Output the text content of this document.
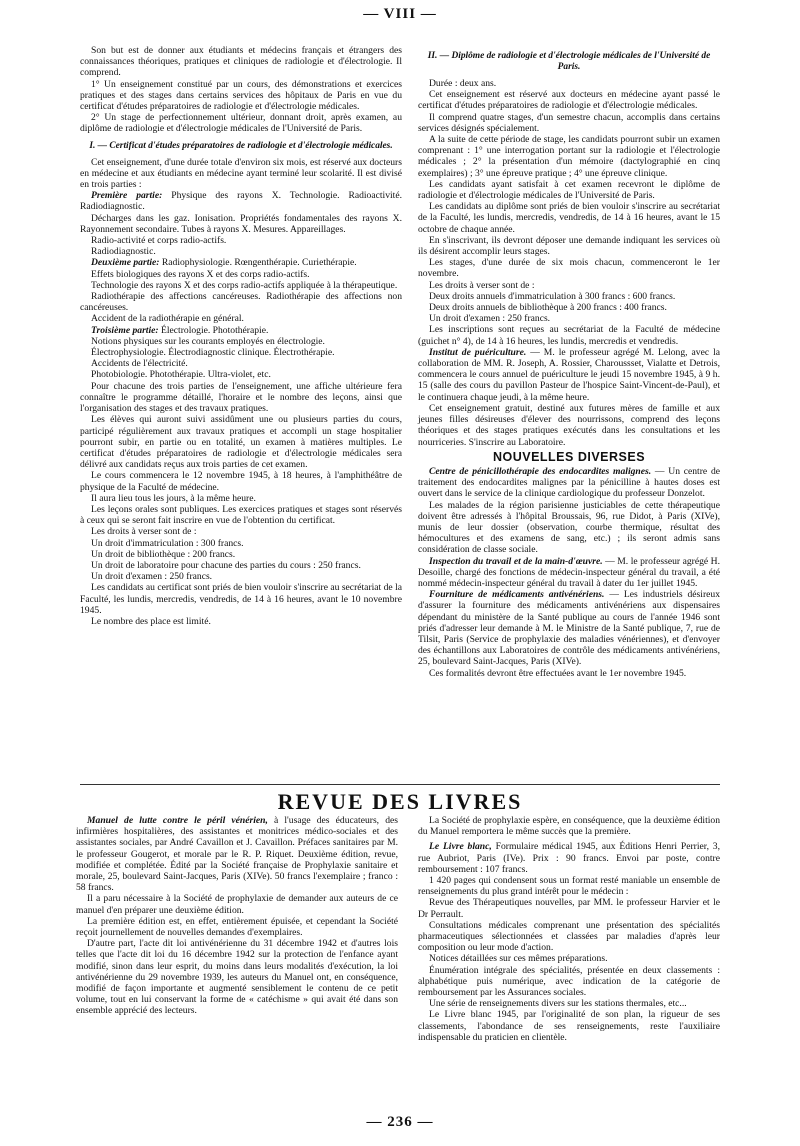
— VIII —

Son but est de donner aux étudiants et médecins français et étrangers des connaissances théoriques, pratiques et cliniques de radiologie et d'électrologie. Il comprend.

1° Un enseignement constitué par un cours, des démonstrations et exercices pratiques et des stages dans certains services des hôpitaux de Paris en vue du certificat d'études préparatoires de radiologie et d'électrologie médicales.

2° Un stage de perfectionnement ultérieur, donnant droit, après examen, au diplôme de radiologie et d'électrologie médicales de l'Université de Paris.

I. — Certificat d'études préparatoires de radiologie et d'électrologie médicales.

Cet enseignement, d'une durée totale d'environ six mois, est réservé aux docteurs en médecine et aux étudiants en médecine ayant terminé leur scolarité. Il est divisé en trois parties :

Première partie: Physique des rayons X. Technologie. Radioactivité. Radiodiagnostic.

Décharges dans les gaz. Ionisation. Propriétés fondamentales des rayons X. Rayonnement secondaire. Tubes à rayons X. Mesures. Appareillages.

Radio-activité et corps radio-actifs.

Radiodiagnostic.

Deuxième partie: Radiophysiologie. Rœngenthérapie. Curiethérapie.

Effets biologiques des rayons X et des corps radio-actifs.

Technologie des rayons X et des corps radio-actifs appliquée à la thérapeutique.

Radiothérapie des affections cancéreuses. Radiothérapie des affections non cancéreuses.

Accident de la radiothérapie en général.

Troisième partie: Électrologie. Photothérapie.

Notions physiques sur les courants employés en électrologie.

Électrophysiologie. Électrodiagnostic clinique. Électrothérapie.

Accidents de l'électricité.

Photobiologie. Photothérapie. Ultra-violet, etc.

Pour chacune des trois parties de l'enseignement, une affiche ultérieure fera connaître le programme détaillé, l'horaire et le nombre des leçons, ainsi que l'organisation des stages et des travaux pratiques.

Les élèves qui auront suivi assidûment une ou plusieurs parties du cours, participé régulièrement aux travaux pratiques et accompli un stage hospitalier pourront subir, en partie ou en totalité, un examen à matières multiples. Le certificat d'études préparatoires de radiologie et d'électrologie médicales sera délivré aux candidats reçus aux trois parties de cet examen.

Le cours commencera le 12 novembre 1945, à 18 heures, à l'amphithéâtre de physique de la Faculté de médecine.

Il aura lieu tous les jours, à la même heure.

Les leçons orales sont publiques. Les exercices pratiques et stages sont réservés à ceux qui se seront fait inscrire en vue de l'obtention du certificat.

Les droits à verser sont de :

Un droit d'immatriculation : 300 francs.

Un droit de bibliothèque : 200 francs.

Un droit de laboratoire pour chacune des parties du cours : 250 francs.

Un droit d'examen : 250 francs.

Les candidats au certificat sont priés de bien vouloir s'inscrire au secrétariat de la Faculté, les lundis, mercredis, vendredis, de 14 à 16 heures, avant le 10 novembre 1945.

Le nombre des place est limité.

II. — Diplôme de radiologie et d'électrologie médicales de l'Université de Paris.

Durée : deux ans.

Cet enseignement est réservé aux docteurs en médecine ayant passé le certificat d'études préparatoires de radiologie et d'électrologie médicales.

Il comprend quatre stages, d'un semestre chacun, accomplis dans certains services désignés spécialement.

A la suite de cette période de stage, les candidats pourront subir un examen comprenant : 1° une interrogation portant sur la radiologie et l'électrologie médicales ; 2° la présentation d'un mémoire (dactylographié en cinq exemplaires) ; 3° une épreuve pratique ; 4° une épreuve clinique.

Les candidats ayant satisfait à cet examen recevront le diplôme de radiologie et d'électrologie médicales de l'Université de Paris.

Les candidats au diplôme sont priés de bien vouloir s'inscrire au secrétariat de la Faculté, les lundis, mercredis, vendredis, de 14 à 16 heures, avant le 15 octobre de chaque année.

En s'inscrivant, ils devront déposer une demande indiquant les services où ils désirent accomplir leurs stages.

Les stages, d'une durée de six mois chacun, commenceront le 1er novembre.

Les droits à verser sont de :

Deux droits annuels d'immatriculation à 300 francs : 600 francs.

Deux droits annuels de bibliothèque à 200 francs : 400 francs.

Un droit d'examen : 250 francs.

Les inscriptions sont reçues au secrétariat de la Faculté de médecine (guichet n° 4), de 14 à 16 heures, les lundis, mercredis et vendredis.

Institut de puériculture. — M. le professeur agrégé M. Lelong, avec la collaboration de MM. R. Joseph, A. Rossier, Charoussset, Vialatte et Detrois, commencera le cours annuel de puériculture le jeudi 15 novembre 1945, à 9 h. 15 (salle des cours du pavillon Pasteur de l'hospice Saint-Vincent-de-Paul), et le continuera chaque jeudi, à la même heure.

Cet enseignement gratuit, destiné aux futures mères de famille et aux jeunes filles désireuses d'élever des nourrissons, comprend des leçons théoriques et des stages pratiques exécutés dans les consultations et les nourriceries. S'inscrire au Laboratoire.

NOUVELLES DIVERSES

Centre de pénicillothérapie des endocardites malignes. — Un centre de traitement des endocardites malignes par la pénicilline à hautes doses est ouvert dans le service de la clinique cardiologique du professeur Donzelot.

Les malades de la région parisienne justiciables de cette thérapeutique doivent être adressés à l'hôpital Broussais, 96, rue Didot, à Paris (XIVe), munis de leur dossier (observation, courbe thermique, résultat des hémocultures et des examens de sang, etc.) ; ils seront admis sans considération de classe sociale.

Inspection du travail et de la main-d'œuvre. — M. le professeur agrégé H. Desoille, chargé des fonctions de médecin-inspecteur général du travail, a été nommé médecin-inspecteur général du travail à dater du 1er juillet 1945.

Fourniture de médicaments antivénériens. — Les industriels désireux d'assurer la fourniture des médicaments antivénériens aux dispensaires dépendant du ministère de la Santé publique au cours de l'année 1946 sont priés d'adresser leur demande à M. le Ministre de la Santé publique, 7, rue de Tilsit, Paris (Service de prophylaxie des maladies vénériennes), et d'envoyer des échantillons aux Laboratoires de contrôle des médicaments antivénériens, 25, boulevard Saint-Jacques, Paris (XIVe).

Ces formalités devront être effectuées avant le 1er novembre 1945.

REVUE DES LIVRES

Manuel de lutte contre le péril vénérien, à l'usage des éducateurs, des infirmières hospitalières, des assistantes et monitrices médico-sociales et des assistantes sociales, par André Cavaillon et J. Cavaillon. Préfaces sanitaires par M. le professeur Gougerot, et morale par le R. P. Riquet. Deuxième édition, revue, modifiée et complétée. Édité par la Société française de Prophylaxie sanitaire et morale, 25, boulevard Saint-Jacques, Paris (XIVe). 50 francs l'exemplaire ; franco : 58 francs.

Il a paru nécessaire à la Société de prophylaxie de demander aux auteurs de ce manuel d'en préparer une deuxième édition.

La première édition est, en effet, entièrement épuisée, et cependant la Société reçoit journellement de nouvelles demandes d'exemplaires.

D'autre part, l'acte dit loi antivénérienne du 31 décembre 1942 et d'autres lois telles que l'acte dit loi du 16 décembre 1942 sur la protection de l'enfance ayant modifié, sinon dans leur esprit, du moins dans leurs modalités d'exécution, la loi antivénérienne du 29 novembre 1939, les auteurs du Manuel ont, en conséquence, modifié de façon importante et augmenté sensiblement le contenu de ce petit volume, tout en lui conservant la forme de « catéchisme » qui avait été dans son ensemble apprécié des lecteurs.

La Société de prophylaxie espère, en conséquence, que la deuxième édition du Manuel remportera le même succès que la première.

Le Livre blanc, Formulaire médical 1945, aux Éditions Henri Perrier, 3, rue Aubriot, Paris (IVe). Prix : 90 francs. Envoi par poste, contre remboursement : 107 francs.

1 420 pages qui condensent sous un format resté maniable un ensemble de renseignements du plus grand intérêt pour le médecin :

Revue des Thérapeutiques nouvelles, par MM. le professeur Harvier et le Dr Perrault.

Consultations médicales comprenant une présentation des spécialités pharmaceutiques sélectionnées et classées par maladies d'après leur composition ou leur mode d'action.

Notices détaillées sur ces mêmes préparations.

Énumération intégrale des spécialités, présentée en deux classements : alphabétique puis numérique, avec indication de la catégorie de remboursement par les Assurances sociales.

Une série de renseignements divers sur les stations thermales, etc...

Le Livre blanc 1945, par l'originalité de son plan, la rigueur de ses classements, l'abondance de ses renseignements, reste l'auxiliaire indispensable du praticien en clientèle.

— 236 —
